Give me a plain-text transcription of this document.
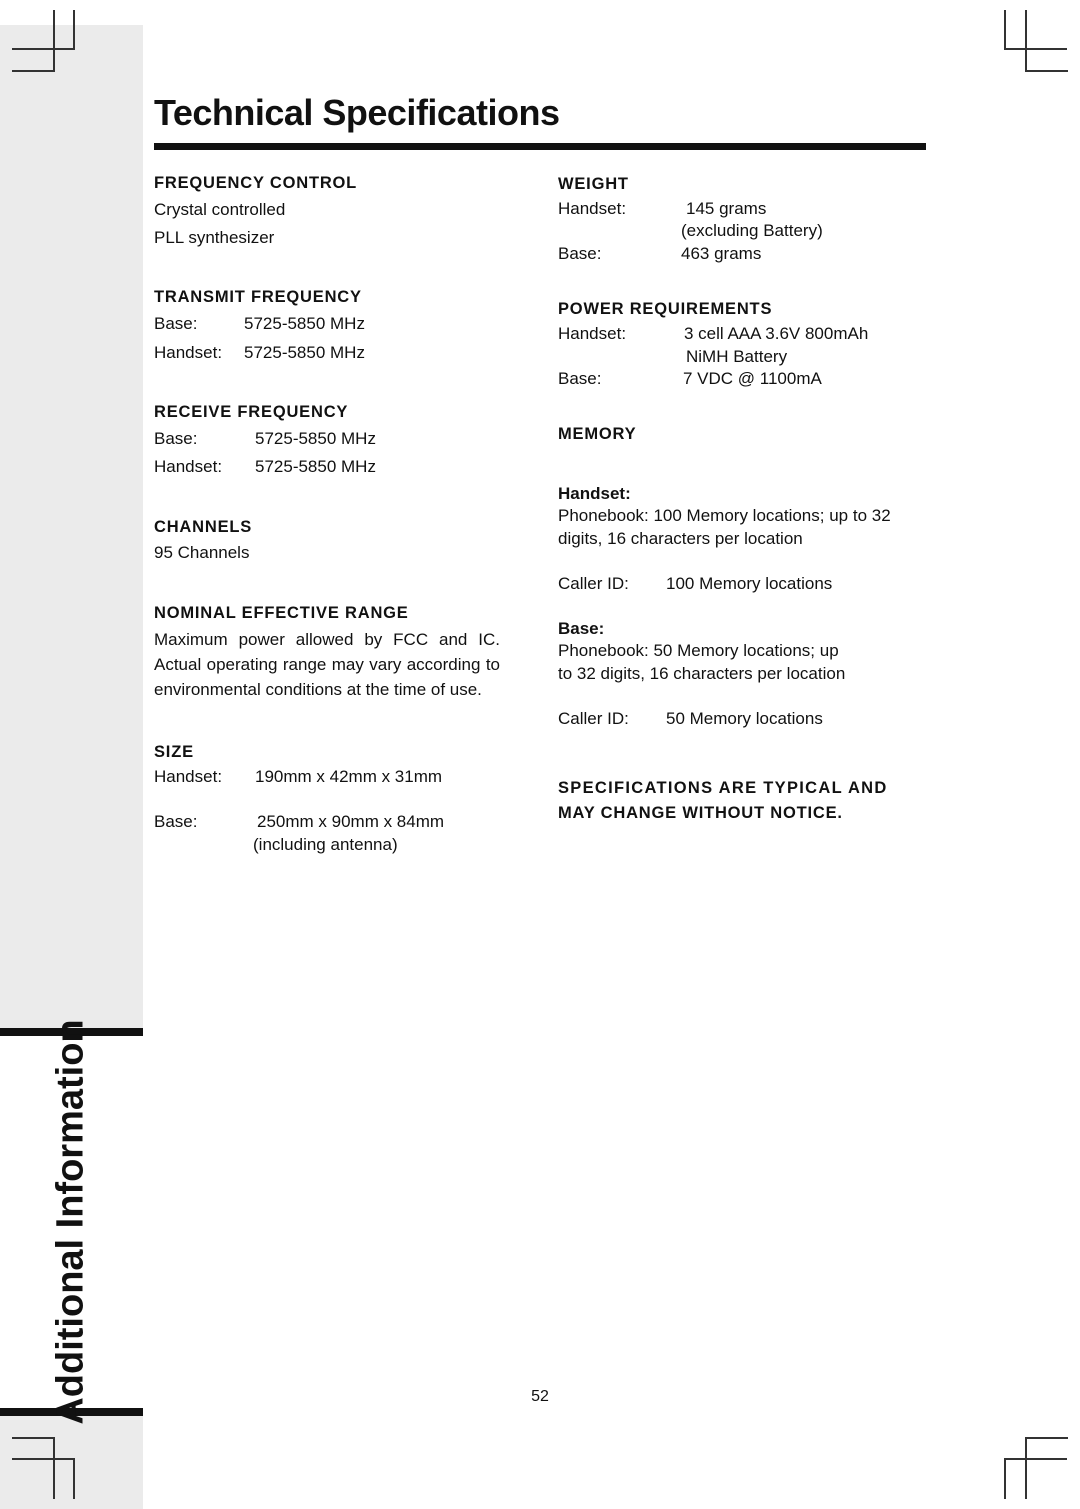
Additional Information
Technical Specifications
FREQUENCY CONTROL
Crystal controlled
PLL synthesizer
TRANSMIT FREQUENCY
Base:	5725-5850 MHz
Handset: 5725-5850 MHz
RECEIVE FREQUENCY
Base:	5725-5850 MHz
Handset: 5725-5850 MHz
CHANNELS
95 Channels
NOMINAL EFFECTIVE RANGE
Maximum power allowed by FCC and IC. Actual operating range may vary according to environmental conditions at the time of use.
SIZE
Handset: 190mm x 42mm x 31mm
Base:	250mm x 90mm x 84mm
(including antenna)
WEIGHT
Handset:	145 grams
(excluding Battery)
Base:	463 grams
POWER REQUIREMENTS
Handset:	3 cell AAA 3.6V 800mAh
NiMH Battery
Base:	7 VDC @ 1100mA
MEMORY
Handset:
Phonebook: 100 Memory locations; up to 32 digits, 16 characters per location
Caller ID: 100 Memory locations
Base:
Phonebook: 50 Memory locations; up
to 32 digits, 16 characters per location
Caller ID: 50 Memory locations
SPECIFICATIONS ARE TYPICAL AND
MAY CHANGE WITHOUT NOTICE.
52
